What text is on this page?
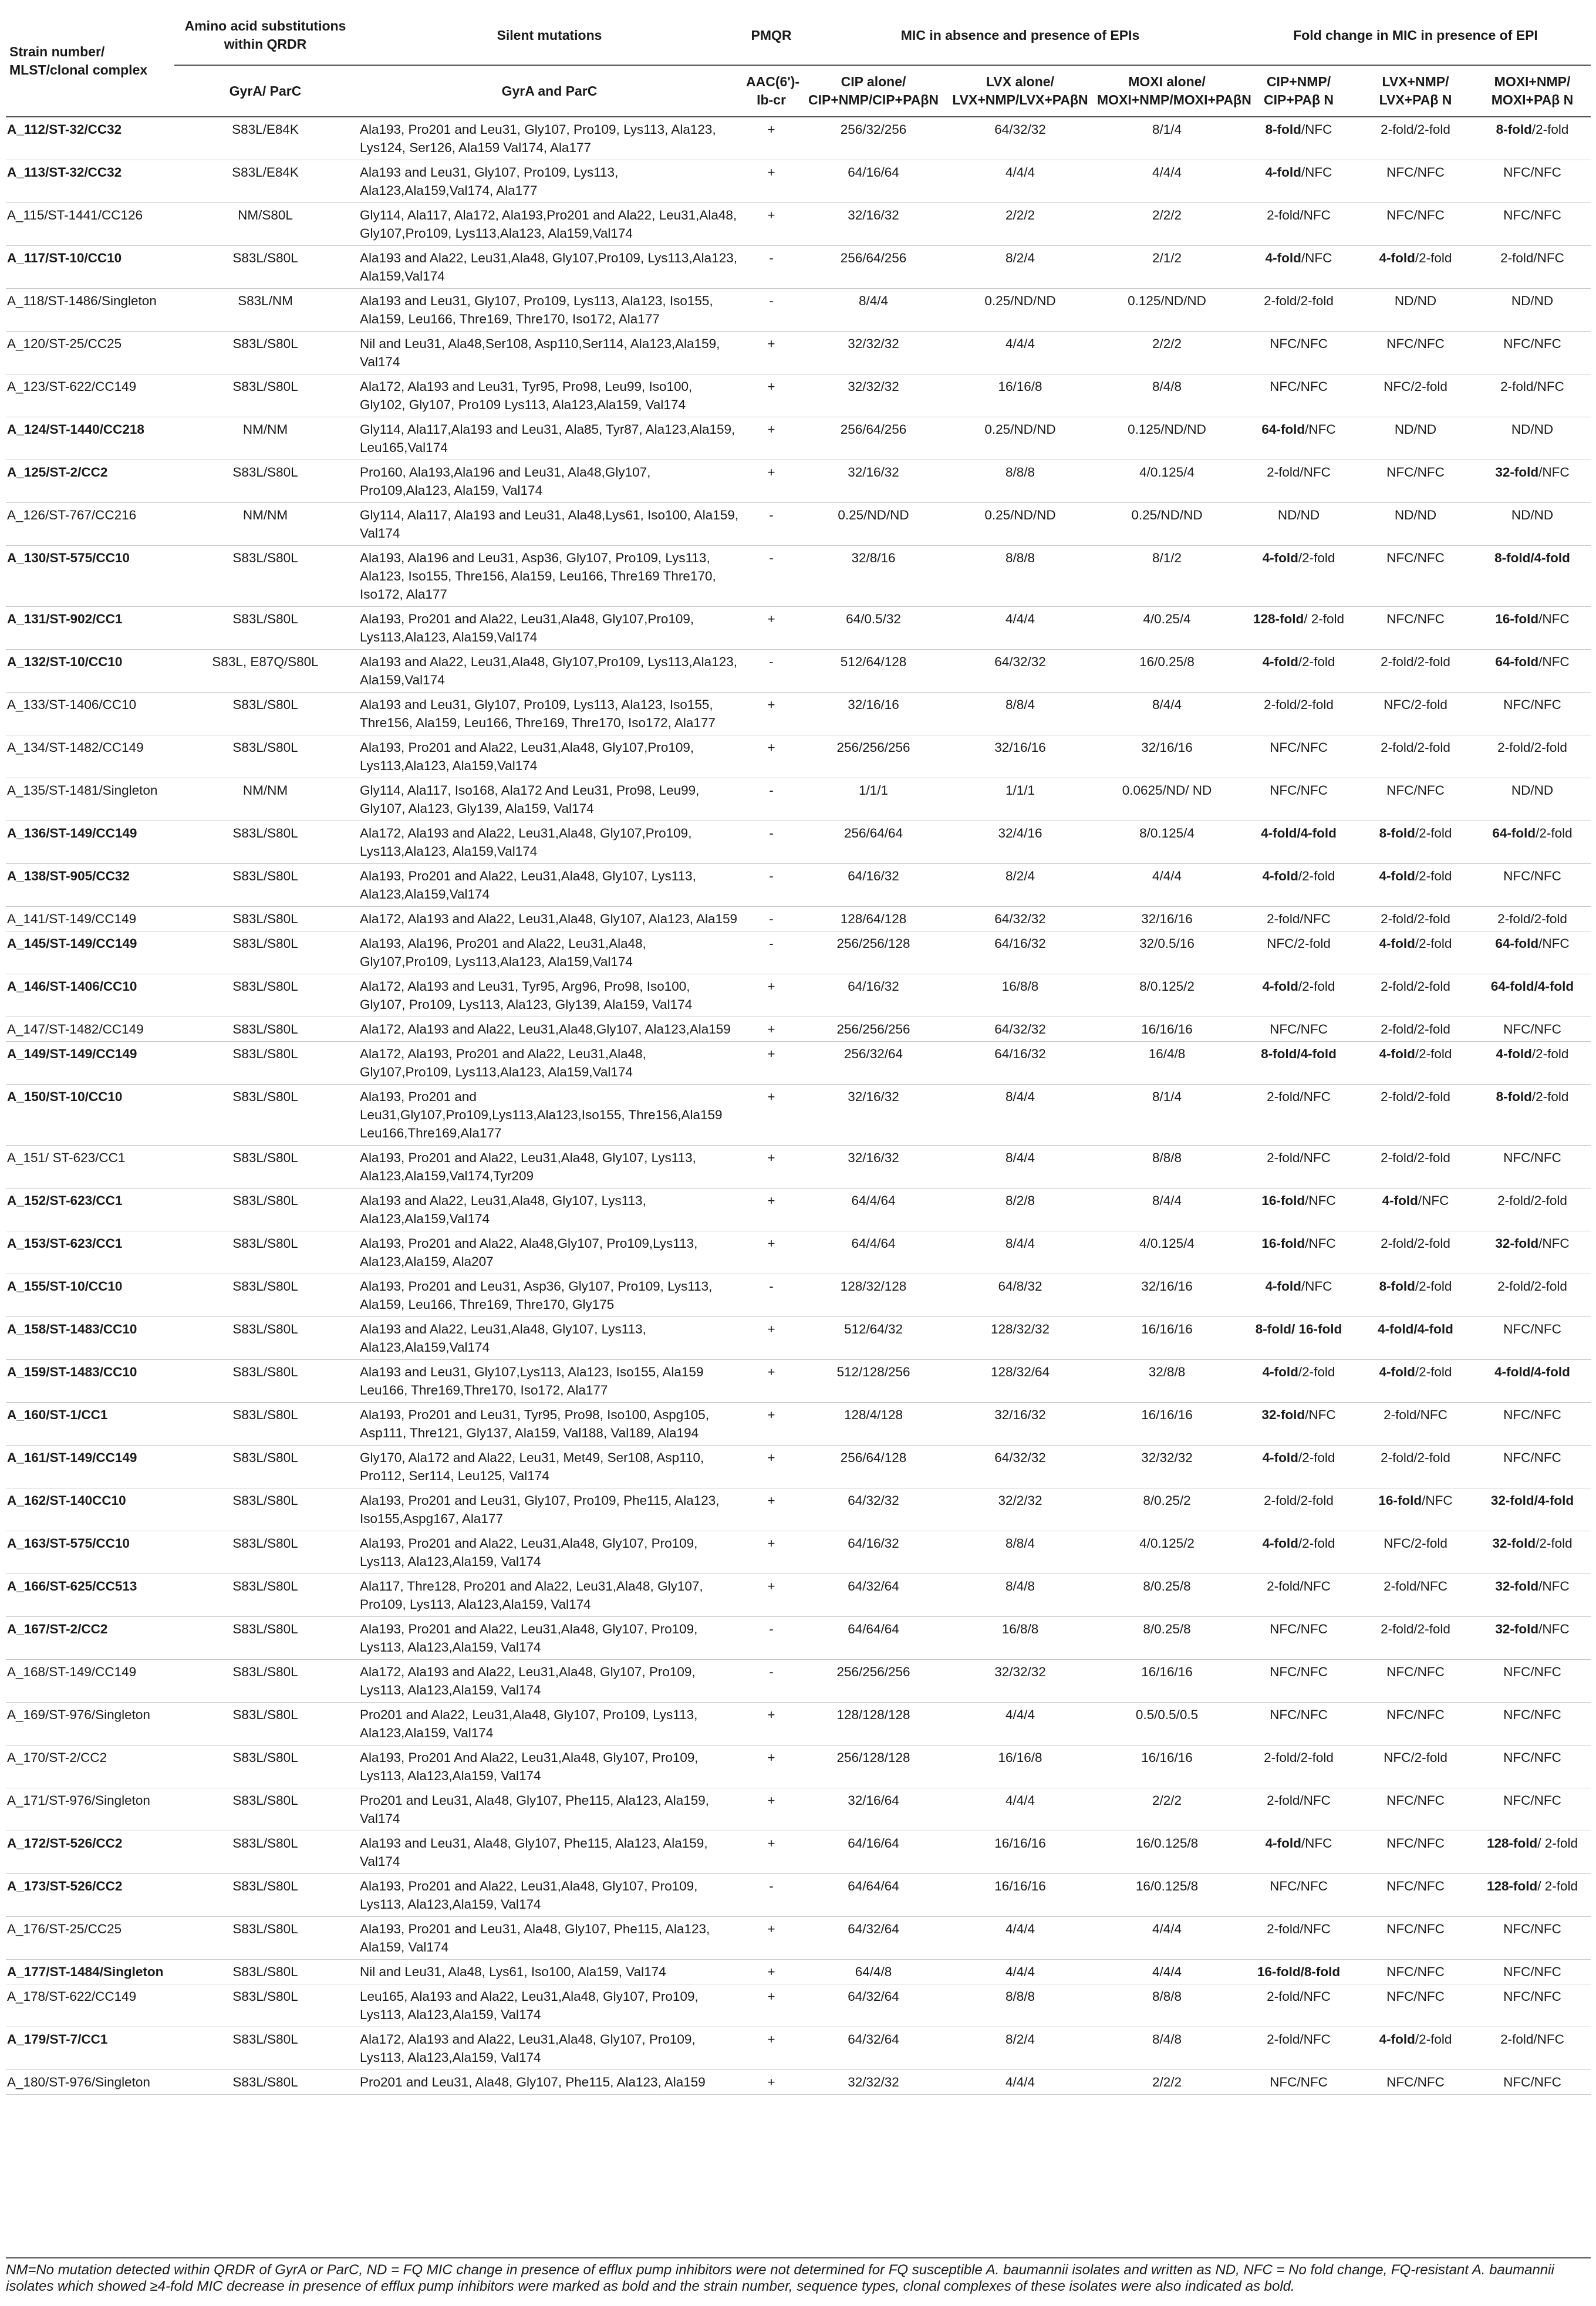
Strain number/ MLST/clonal complex	Amino acid substitutions within QRDR	Silent mutations	PMQR	MIC in absence and presence of EPIs			Fold change in MIC in presence of EPI		
	GyrA/ ParC	GyrA and ParC	AAC(6')-Ib-cr	CIP alone/ CIP+NMP/CIP+PAβN	LVX alone/ LVX+NMP/LVX+PAβN	MOXI alone/ MOXI+NMP/MOXI+PAβN	CIP+NMP/ CIP+PAβ N	LVX+NMP/ LVX+PAβ N	MOXI+NMP/ MOXI+PAβ N
A_112/ST-32/CC32	S83L/E84K	Ala193, Pro201 and Leu31, Gly107, Pro109, Lys113, Ala123, Lys124, Ser126, Ala159 Val174, Ala177	+	256/32/256	64/32/32	8/1/4	8-fold/NFC	2-fold/2-fold	8-fold/2-fold
A_113/ST-32/CC32	S83L/E84K	Ala193 and Leu31, Gly107, Pro109, Lys113, Ala123,Ala159,Val174, Ala177	+	64/16/64	4/4/4	4/4/4	4-fold/NFC	NFC/NFC	NFC/NFC
A_115/ST-1441/CC126	NM/S80L	Gly114, Ala117, Ala172, Ala193,Pro201 and Ala22, Leu31,Ala48, Gly107,Pro109, Lys113,Ala123, Ala159,Val174	+	32/16/32	2/2/2	2/2/2	2-fold/NFC	NFC/NFC	NFC/NFC
A_117/ST-10/CC10	S83L/S80L	Ala193 and Ala22, Leu31,Ala48, Gly107,Pro109, Lys113,Ala123, Ala159,Val174	-	256/64/256	8/2/4	2/1/2	4-fold/NFC	4-fold/2-fold	2-fold/NFC
A_118/ST-1486/Singleton	S83L/NM	Ala193 and Leu31, Gly107, Pro109, Lys113, Ala123, Iso155, Ala159, Leu166, Thre169, Thre170, Iso172, Ala177	-	8/4/4	0.25/ND/ND	0.125/ND/ND	2-fold/2-fold	ND/ND	ND/ND
A_120/ST-25/CC25	S83L/S80L	Nil and Leu31, Ala48,Ser108, Asp110,Ser114, Ala123,Ala159, Val174	+	32/32/32	4/4/4	2/2/2	NFC/NFC	NFC/NFC	NFC/NFC
A_123/ST-622/CC149	S83L/S80L	Ala172, Ala193 and Leu31, Tyr95, Pro98, Leu99, Iso100, Gly102, Gly107, Pro109 Lys113, Ala123,Ala159, Val174	+	32/32/32	16/16/8	8/4/8	NFC/NFC	NFC/2-fold	2-fold/NFC
A_124/ST-1440/CC218	NM/NM	Gly114, Ala117,Ala193 and Leu31, Ala85, Tyr87, Ala123,Ala159, Leu165,Val174	+	256/64/256	0.25/ND/ND	0.125/ND/ND	64-fold/NFC	ND/ND	ND/ND
A_125/ST-2/CC2	S83L/S80L	Pro160, Ala193,Ala196 and Leu31, Ala48,Gly107, Pro109,Ala123, Ala159, Val174	+	32/16/32	8/8/8	4/0.125/4	2-fold/NFC	NFC/NFC	32-fold/NFC
A_126/ST-767/CC216	NM/NM	Gly114, Ala117, Ala193 and Leu31, Ala48,Lys61, Iso100, Ala159, Val174	-	0.25/ND/ND	0.25/ND/ND	0.25/ND/ND	ND/ND	ND/ND	ND/ND
A_130/ST-575/CC10	S83L/S80L	Ala193, Ala196 and Leu31, Asp36, Gly107, Pro109, Lys113, Ala123, Iso155, Thre156, Ala159, Leu166, Thre169 Thre170, Iso172, Ala177	-	32/8/16	8/8/8	8/1/2	4-fold/2-fold	NFC/NFC	8-fold/4-fold
A_131/ST-902/CC1	S83L/S80L	Ala193, Pro201 and Ala22, Leu31,Ala48, Gly107,Pro109, Lys113,Ala123, Ala159,Val174	+	64/0.5/32	4/4/4	4/0.25/4	128-fold/ 2-fold	NFC/NFC	16-fold/NFC
A_132/ST-10/CC10	S83L, E87Q/S80L	Ala193 and Ala22, Leu31,Ala48, Gly107,Pro109, Lys113,Ala123, Ala159,Val174	-	512/64/128	64/32/32	16/0.25/8	4-fold/2-fold	2-fold/2-fold	64-fold/NFC
A_133/ST-1406/CC10	S83L/S80L	Ala193 and Leu31, Gly107, Pro109, Lys113, Ala123, Iso155, Thre156, Ala159, Leu166, Thre169, Thre170, Iso172, Ala177	+	32/16/16	8/8/4	8/4/4	2-fold/2-fold	NFC/2-fold	NFC/NFC
A_134/ST-1482/CC149	S83L/S80L	Ala193, Pro201 and Ala22, Leu31,Ala48, Gly107,Pro109, Lys113,Ala123, Ala159,Val174	+	256/256/256	32/16/16	32/16/16	NFC/NFC	2-fold/2-fold	2-fold/2-fold
A_135/ST-1481/Singleton	NM/NM	Gly114, Ala117, Iso168, Ala172 And Leu31, Pro98, Leu99, Gly107, Ala123, Gly139, Ala159, Val174	-	1/1/1	1/1/1	0.0625/ND/ ND	NFC/NFC	NFC/NFC	ND/ND
A_136/ST-149/CC149	S83L/S80L	Ala172, Ala193 and Ala22, Leu31,Ala48, Gly107,Pro109, Lys113,Ala123, Ala159,Val174	-	256/64/64	32/4/16	8/0.125/4	4-fold/4-fold	8-fold/2-fold	64-fold/2-fold
A_138/ST-905/CC32	S83L/S80L	Ala193, Pro201 and Ala22, Leu31,Ala48, Gly107, Lys113, Ala123,Ala159,Val174	-	64/16/32	8/2/4	4/4/4	4-fold/2-fold	4-fold/2-fold	NFC/NFC
A_141/ST-149/CC149	S83L/S80L	Ala172, Ala193 and Ala22, Leu31,Ala48, Gly107, Ala123, Ala159	-	128/64/128	64/32/32	32/16/16	2-fold/NFC	2-fold/2-fold	2-fold/2-fold
A_145/ST-149/CC149	S83L/S80L	Ala193, Ala196, Pro201 and Ala22, Leu31,Ala48, Gly107,Pro109, Lys113,Ala123, Ala159,Val174	-	256/256/128	64/16/32	32/0.5/16	NFC/2-fold	4-fold/2-fold	64-fold/NFC
A_146/ST-1406/CC10	S83L/S80L	Ala172, Ala193 and Leu31, Tyr95, Arg96, Pro98, Iso100, Gly107, Pro109, Lys113, Ala123, Gly139, Ala159, Val174	+	64/16/32	16/8/8	8/0.125/2	4-fold/2-fold	2-fold/2-fold	64-fold/4-fold
A_147/ST-1482/CC149	S83L/S80L	Ala172, Ala193 and Ala22, Leu31,Ala48,Gly107, Ala123,Ala159	+	256/256/256	64/32/32	16/16/16	NFC/NFC	2-fold/2-fold	NFC/NFC
A_149/ST-149/CC149	S83L/S80L	Ala172, Ala193, Pro201 and Ala22, Leu31,Ala48, Gly107,Pro109, Lys113,Ala123, Ala159,Val174	+	256/32/64	64/16/32	16/4/8	8-fold/4-fold	4-fold/2-fold	4-fold/2-fold
A_150/ST-10/CC10	S83L/S80L	Ala193, Pro201 and Leu31,Gly107,Pro109,Lys113,Ala123,Iso155, Thre156,Ala159 Leu166,Thre169,Ala177	+	32/16/32	8/4/4	8/1/4	2-fold/NFC	2-fold/2-fold	8-fold/2-fold
A_151/ ST-623/CC1	S83L/S80L	Ala193, Pro201 and Ala22, Leu31,Ala48, Gly107, Lys113, Ala123,Ala159,Val174,Tyr209	+	32/16/32	8/4/4	8/8/8	2-fold/NFC	2-fold/2-fold	NFC/NFC
A_152/ST-623/CC1	S83L/S80L	Ala193 and Ala22, Leu31,Ala48, Gly107, Lys113, Ala123,Ala159,Val174	+	64/4/64	8/2/8	8/4/4	16-fold/NFC	4-fold/NFC	2-fold/2-fold
A_153/ST-623/CC1	S83L/S80L	Ala193, Pro201 and Ala22, Ala48,Gly107, Pro109,Lys113, Ala123,Ala159, Ala207	+	64/4/64	8/4/4	4/0.125/4	16-fold/NFC	2-fold/2-fold	32-fold/NFC
A_155/ST-10/CC10	S83L/S80L	Ala193, Pro201 and Leu31, Asp36, Gly107, Pro109, Lys113, Ala159, Leu166, Thre169, Thre170, Gly175	-	128/32/128	64/8/32	32/16/16	4-fold/NFC	8-fold/2-fold	2-fold/2-fold
A_158/ST-1483/CC10	S83L/S80L	Ala193 and Ala22, Leu31,Ala48, Gly107, Lys113, Ala123,Ala159,Val174	+	512/64/32	128/32/32	16/16/16	8-fold/ 16-fold	4-fold/4-fold	NFC/NFC
A_159/ST-1483/CC10	S83L/S80L	Ala193 and Leu31, Gly107,Lys113, Ala123, Iso155, Ala159 Leu166, Thre169,Thre170, Iso172, Ala177	+	512/128/256	128/32/64	32/8/8	4-fold/2-fold	4-fold/2-fold	4-fold/4-fold
A_160/ST-1/CC1	S83L/S80L	Ala193, Pro201 and Leu31, Tyr95, Pro98, Iso100, Aspg105, Asp111, Thre121, Gly137, Ala159, Val188, Val189, Ala194	+	128/4/128	32/16/32	16/16/16	32-fold/NFC	2-fold/NFC	NFC/NFC
A_161/ST-149/CC149	S83L/S80L	Gly170, Ala172 and Ala22, Leu31, Met49, Ser108, Asp110, Pro112, Ser114, Leu125, Val174	+	256/64/128	64/32/32	32/32/32	4-fold/2-fold	2-fold/2-fold	NFC/NFC
A_162/ST-140CC10	S83L/S80L	Ala193, Pro201 and Leu31, Gly107, Pro109, Phe115, Ala123, Iso155,Aspg167, Ala177	+	64/32/32	32/2/32	8/0.25/2	2-fold/2-fold	16-fold/NFC	32-fold/4-fold
A_163/ST-575/CC10	S83L/S80L	Ala193, Pro201 and Ala22, Leu31,Ala48, Gly107, Pro109, Lys113, Ala123,Ala159, Val174	+	64/16/32	8/8/4	4/0.125/2	4-fold/2-fold	NFC/2-fold	32-fold/2-fold
A_166/ST-625/CC513	S83L/S80L	Ala117, Thre128, Pro201 and Ala22, Leu31,Ala48, Gly107, Pro109, Lys113, Ala123,Ala159, Val174	+	64/32/64	8/4/8	8/0.25/8	2-fold/NFC	2-fold/NFC	32-fold/NFC
A_167/ST-2/CC2	S83L/S80L	Ala193, Pro201 and Ala22, Leu31,Ala48, Gly107, Pro109, Lys113, Ala123,Ala159, Val174	-	64/64/64	16/8/8	8/0.25/8	NFC/NFC	2-fold/2-fold	32-fold/NFC
A_168/ST-149/CC149	S83L/S80L	Ala172, Ala193 and Ala22, Leu31,Ala48, Gly107, Pro109, Lys113, Ala123,Ala159, Val174	-	256/256/256	32/32/32	16/16/16	NFC/NFC	NFC/NFC	NFC/NFC
A_169/ST-976/Singleton	S83L/S80L	Pro201 and Ala22, Leu31,Ala48, Gly107, Pro109, Lys113, Ala123,Ala159, Val174	+	128/128/128	4/4/4	0.5/0.5/0.5	NFC/NFC	NFC/NFC	NFC/NFC
A_170/ST-2/CC2	S83L/S80L	Ala193, Pro201 And Ala22, Leu31,Ala48, Gly107, Pro109, Lys113, Ala123,Ala159, Val174	+	256/128/128	16/16/8	16/16/16	2-fold/2-fold	NFC/2-fold	NFC/NFC
A_171/ST-976/Singleton	S83L/S80L	Pro201 and Leu31, Ala48, Gly107, Phe115, Ala123, Ala159, Val174	+	32/16/64	4/4/4	2/2/2	2-fold/NFC	NFC/NFC	NFC/NFC
A_172/ST-526/CC2	S83L/S80L	Ala193 and Leu31, Ala48, Gly107, Phe115, Ala123, Ala159, Val174	+	64/16/64	16/16/16	16/0.125/8	4-fold/NFC	NFC/NFC	128-fold/ 2-fold
A_173/ST-526/CC2	S83L/S80L	Ala193, Pro201 and Ala22, Leu31,Ala48, Gly107, Pro109, Lys113, Ala123,Ala159, Val174	-	64/64/64	16/16/16	16/0.125/8	NFC/NFC	NFC/NFC	128-fold/ 2-fold
A_176/ST-25/CC25	S83L/S80L	Ala193, Pro201 and Leu31, Ala48, Gly107, Phe115, Ala123, Ala159, Val174	+	64/32/64	4/4/4	4/4/4	2-fold/NFC	NFC/NFC	NFC/NFC
A_177/ST-1484/Singleton	S83L/S80L	Nil and Leu31, Ala48, Lys61, Iso100, Ala159, Val174	+	64/4/8	4/4/4	4/4/4	16-fold/8-fold	NFC/NFC	NFC/NFC
A_178/ST-622/CC149	S83L/S80L	Leu165, Ala193 and Ala22, Leu31,Ala48, Gly107, Pro109, Lys113, Ala123,Ala159, Val174	+	64/32/64	8/8/8	8/8/8	2-fold/NFC	NFC/NFC	NFC/NFC
A_179/ST-7/CC1	S83L/S80L	Ala172, Ala193 and Ala22, Leu31,Ala48, Gly107, Pro109, Lys113, Ala123,Ala159, Val174	+	64/32/64	8/2/4	8/4/8	2-fold/NFC	4-fold/2-fold	2-fold/NFC
A_180/ST-976/Singleton	S83L/S80L	Pro201 and Leu31, Ala48, Gly107, Phe115, Ala123, Ala159	+	32/32/32	4/4/4	2/2/2	NFC/NFC	NFC/NFC	NFC/NFC
NM=No mutation detected within QRDR of GyrA or ParC, ND = FQ MIC change in presence of efflux pump inhibitors were not determined for FQ susceptible A. baumannii isolates and written as ND, NFC = No fold change, FQ-resistant A. baumannii isolates which showed ≥4-fold MIC decrease in presence of efflux pump inhibitors were marked as bold and the strain number, sequence types, clonal complexes of these isolates were also indicated as bold.
